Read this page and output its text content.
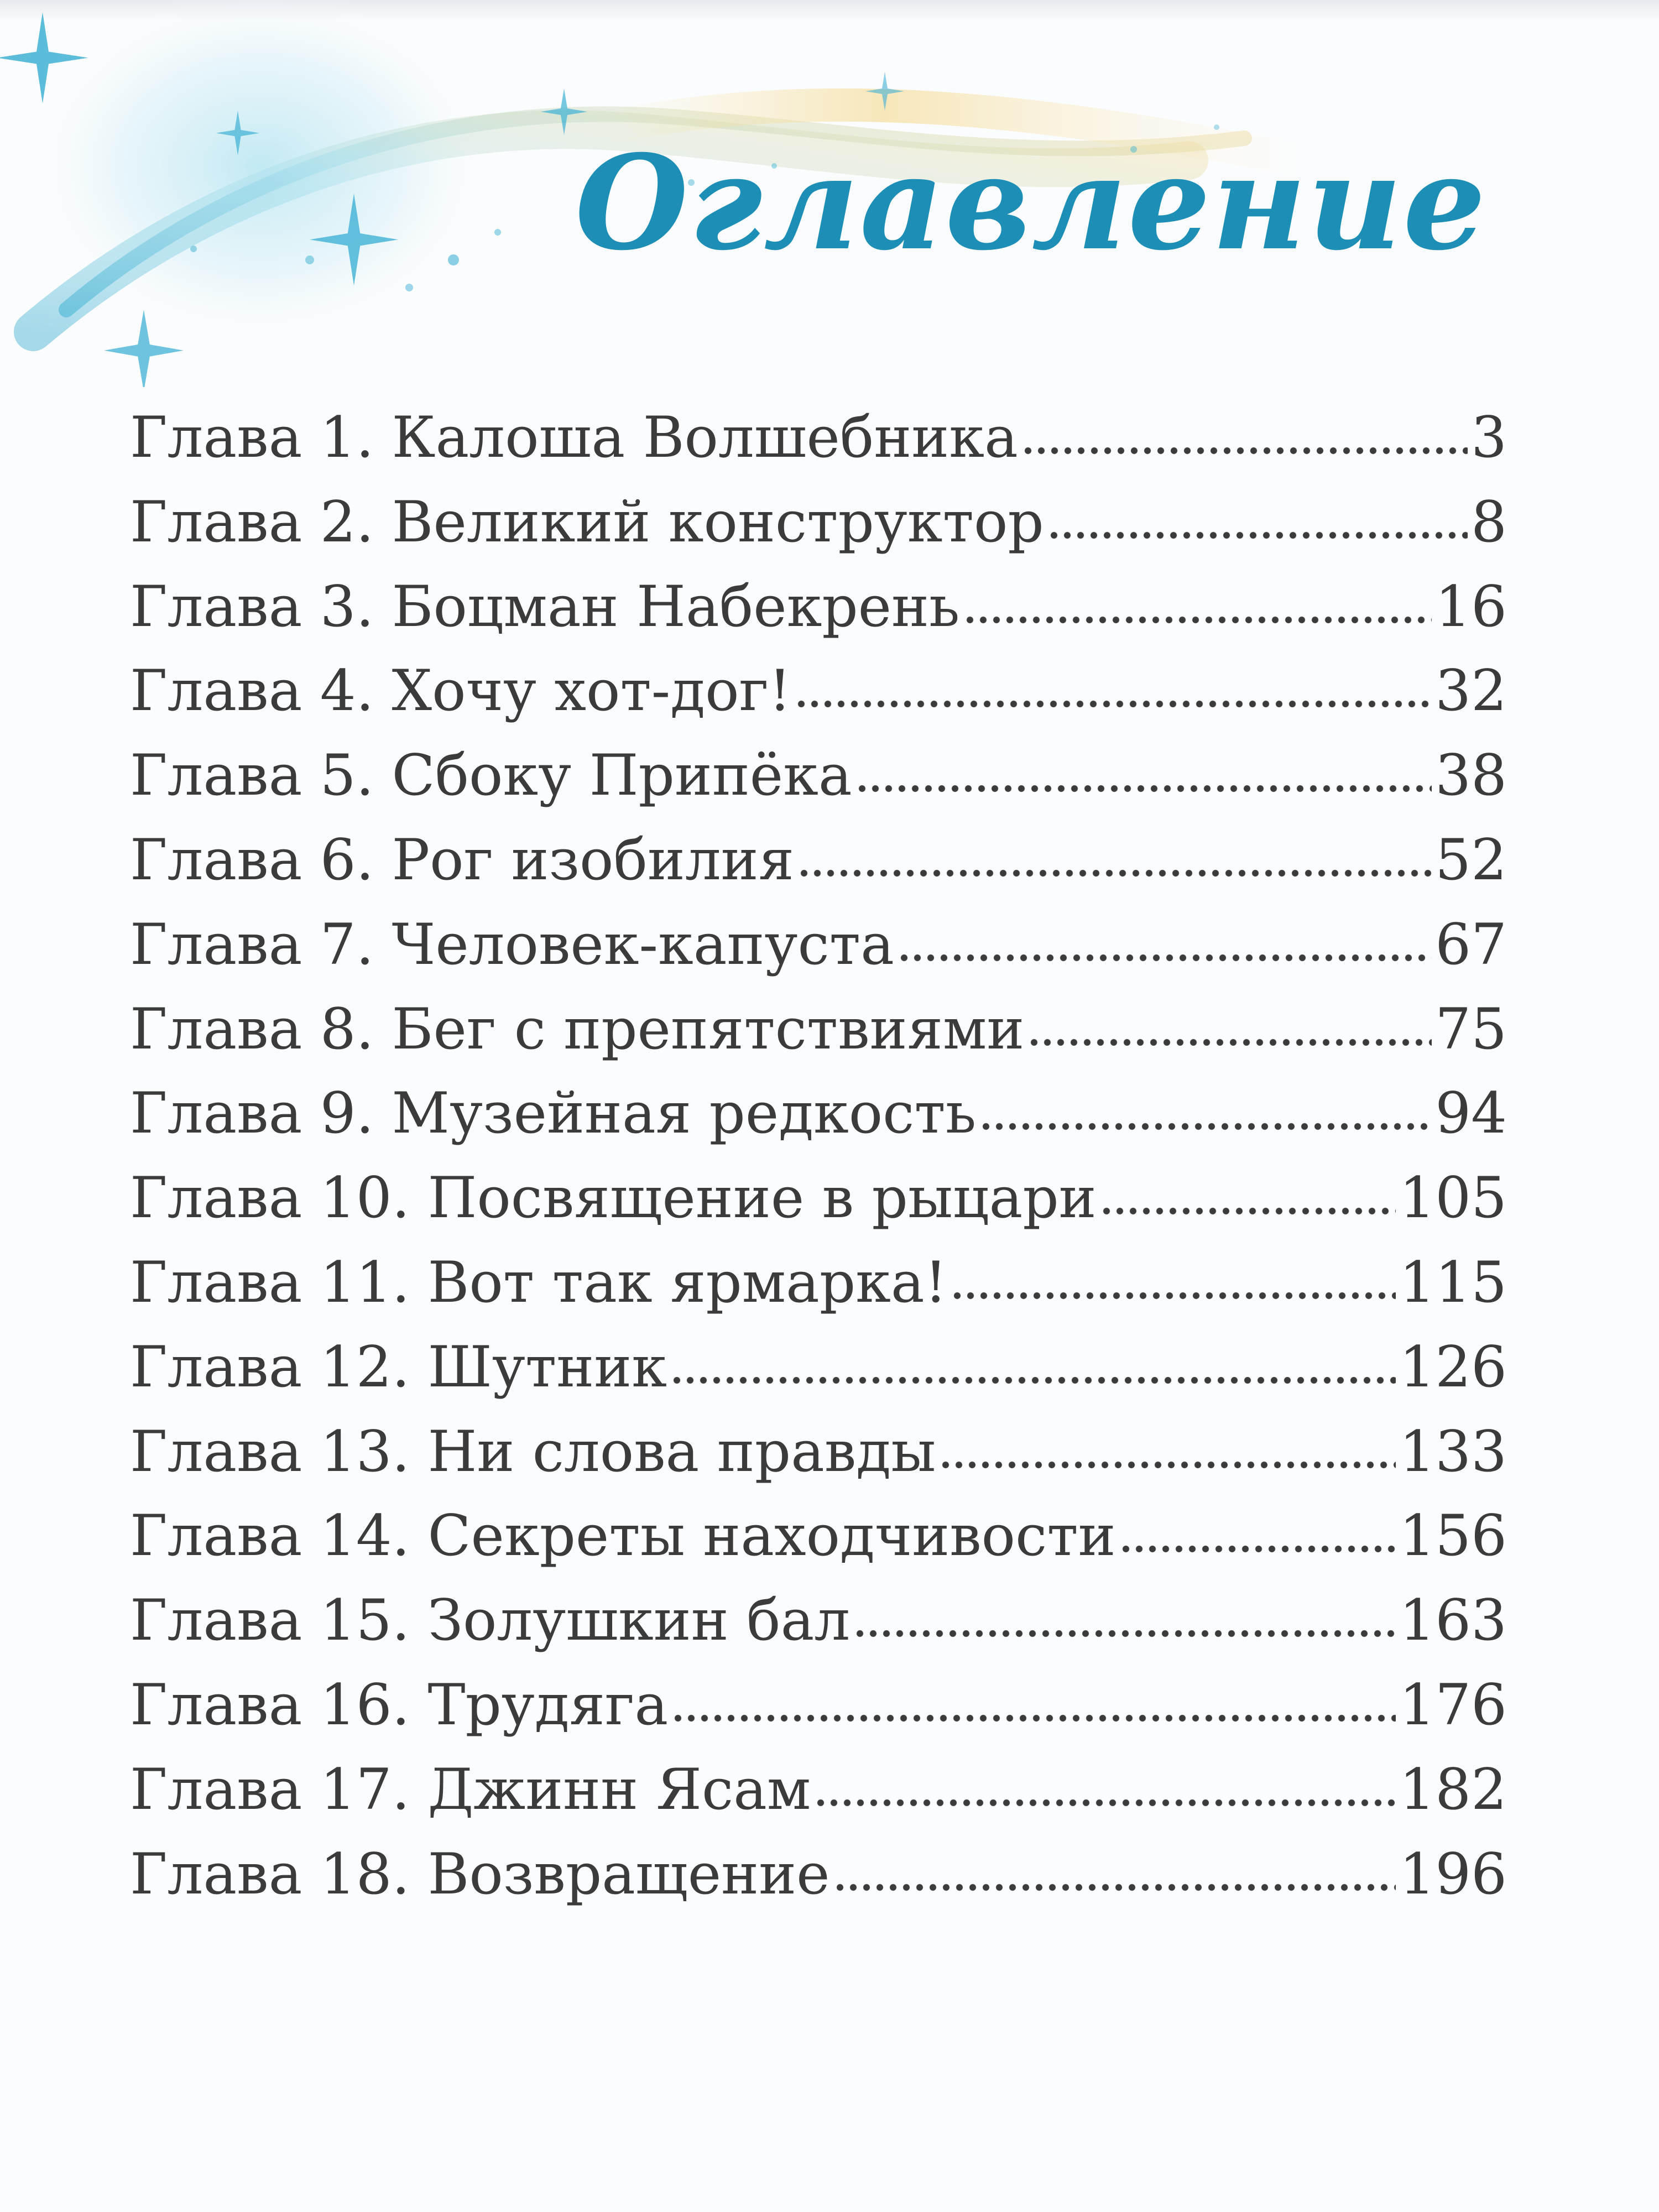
Оглавление
Глава 1. Калоша Волшебника	3
Глава 2. Великий конструктор	8
Глава 3. Боцман Набекрень	16
Глава 4. Хочу хот-дог!	32
Глава 5. Сбоку Припёка	38
Глава 6. Рог изобилия	52
Глава 7. Человек-капуста	67
Глава 8. Бег с препятствиями	75
Глава 9. Музейная редкость	94
Глава 10. Посвящение в рыцари	105
Глава 11. Вот так ярмарка!	115
Глава 12. Шутник	126
Глава 13. Ни слова правды	133
Глава 14. Секреты находчивости	156
Глава 15. Золушкин бал	163
Глава 16. Трудяга	176
Глава 17. Джинн Ясам	182
Глава 18. Возвращение	196
